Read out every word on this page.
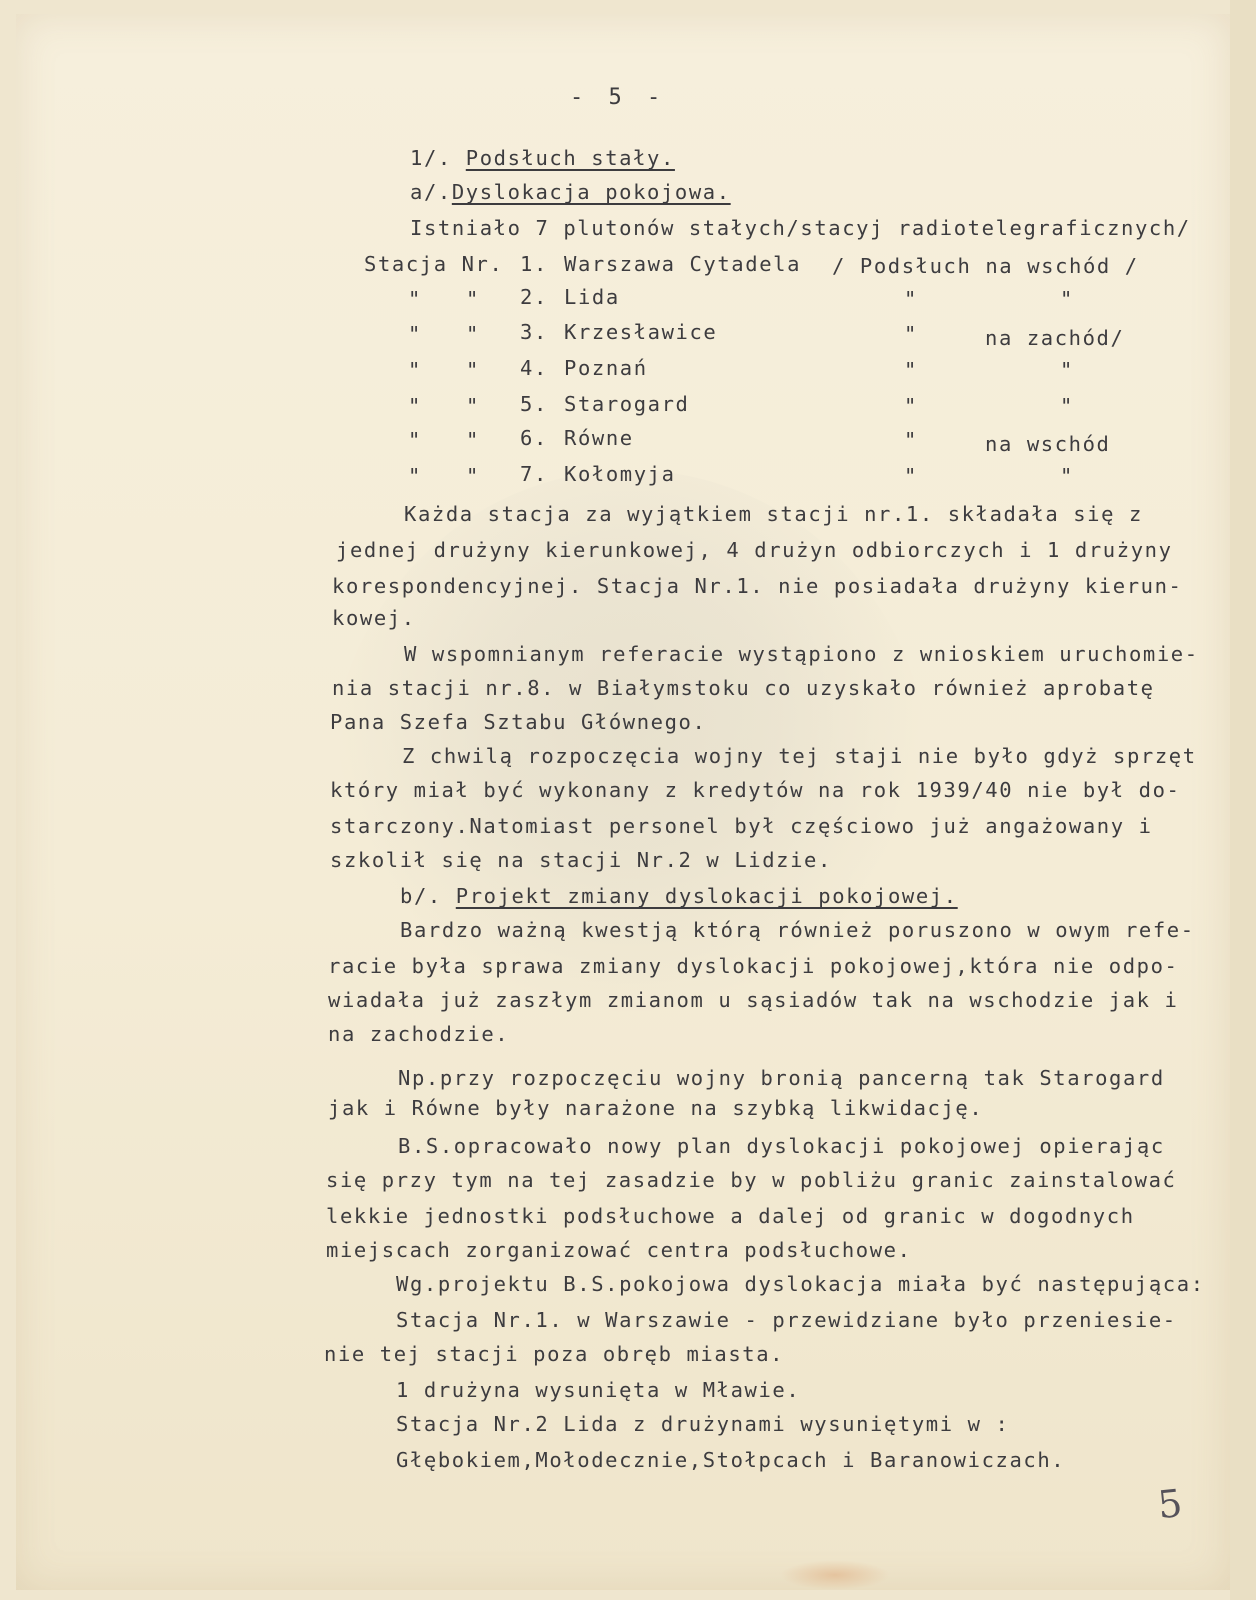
- 5 -
1/. Podsłuch stały.
a/.Dyslokacja pokojowa.
Istniało 7 plutonów stałych/stacyj radiotelegraficznych/
Stacja Nr. 1. Warszawa Cytadela / Podsłuch na wschód /
" " 2. Lida	"	"
" " 3. Krzesławice	"	na zachód/
" " 4. Poznań	"	"
" " 5. Starogard	"	"
" " 6. Równe	"	na wschód
" " 7. Kołomyja	"	"
Każda stacja za wyjątkiem stacji nr.1. składała się z
jednej drużyny kierunkowej, 4 drużyn odbiorczych i 1 drużyny
korespondencyjnej. Stacja Nr.1. nie posiadała drużyny kierun-
kowej.
W wspomnianym referacie wystąpiono z wnioskiem uruchomie-
nia stacji nr.8. w Białymstoku co uzyskało również aprobatę
Pana Szefa Sztabu Głównego.
Z chwilą rozpoczęcia wojny tej staji nie było gdyż sprzęt
który miał być wykonany z kredytów na rok 1939/40 nie był do-
starczony.Natomiast personel był częściowo już angażowany i
szkolił się na stacji Nr.2 w Lidzie.
b/. Projekt zmiany dyslokacji pokojowej.
Bardzo ważną kwestją którą również poruszono w owym refe-
racie była sprawa zmiany dyslokacji pokojowej,która nie odpo-
wiadała już zaszłym zmianom u sąsiadów tak na wschodzie jak i
na zachodzie.
Np.przy rozpoczęciu wojny bronią pancerną tak Starogard
jak i Równe były narażone na szybką likwidację.
B.S.opracowało nowy plan dyslokacji pokojowej opierając
się przy tym na tej zasadzie by w pobliżu granic zainstalować
lekkie jednostki podsłuchowe a dalej od granic w dogodnych
miejscach zorganizować centra podsłuchowe.
Wg.projektu B.S.pokojowa dyslokacja miała być następująca:
Stacja Nr.1. w Warszawie - przewidziane było przeniesie-
nie tej stacji poza obręb miasta.
1 drużyna wysunięta w Mławie.
Stacja Nr.2 Lida z drużynami wysuniętymi w :
Głębokiem,Mołodecznie,Stołpcach i Baranowiczach.
5
